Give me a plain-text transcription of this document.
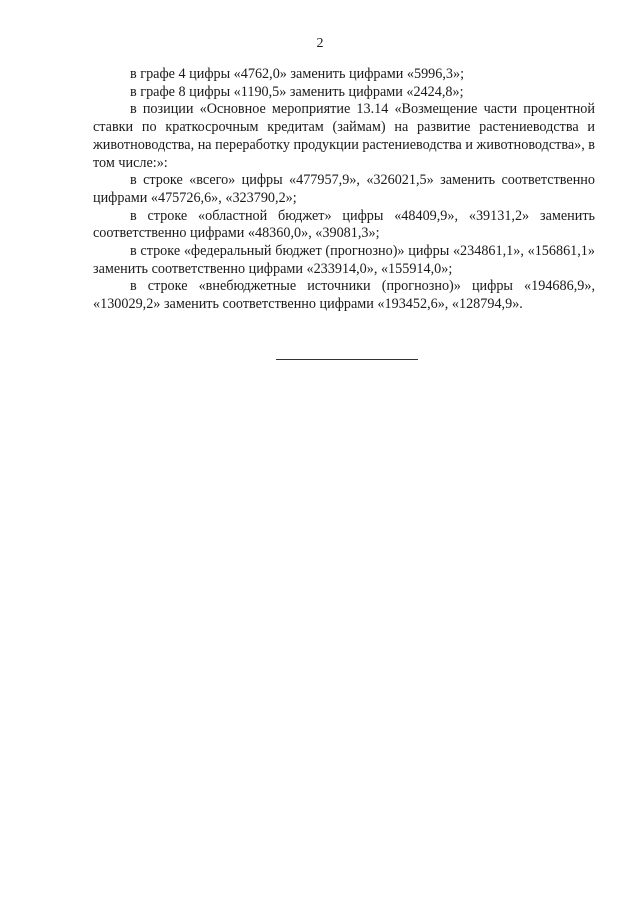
2

в графе 4 цифры «4762,0» заменить цифрами «5996,3»;

в графе 8 цифры «1190,5» заменить цифрами «2424,8»;

в позиции «Основное мероприятие 13.14 «Возмещение части процентной ставки по краткосрочным кредитам (займам) на развитие растениеводства и животноводства, на переработку продукции растениеводства и животноводства», в том числе:»:

в строке «всего» цифры «477957,9», «326021,5» заменить соответственно цифрами «475726,6», «323790,2»;

в строке «областной бюджет» цифры «48409,9», «39131,2» заменить соответственно цифрами «48360,0», «39081,3»;

в строке «федеральный бюджет (прогнозно)» цифры «234861,1», «156861,1» заменить соответственно цифрами «233914,0», «155914,0»;

в строке «внебюджетные источники (прогнозно)» цифры «194686,9», «130029,2» заменить соответственно цифрами «193452,6», «128794,9».
